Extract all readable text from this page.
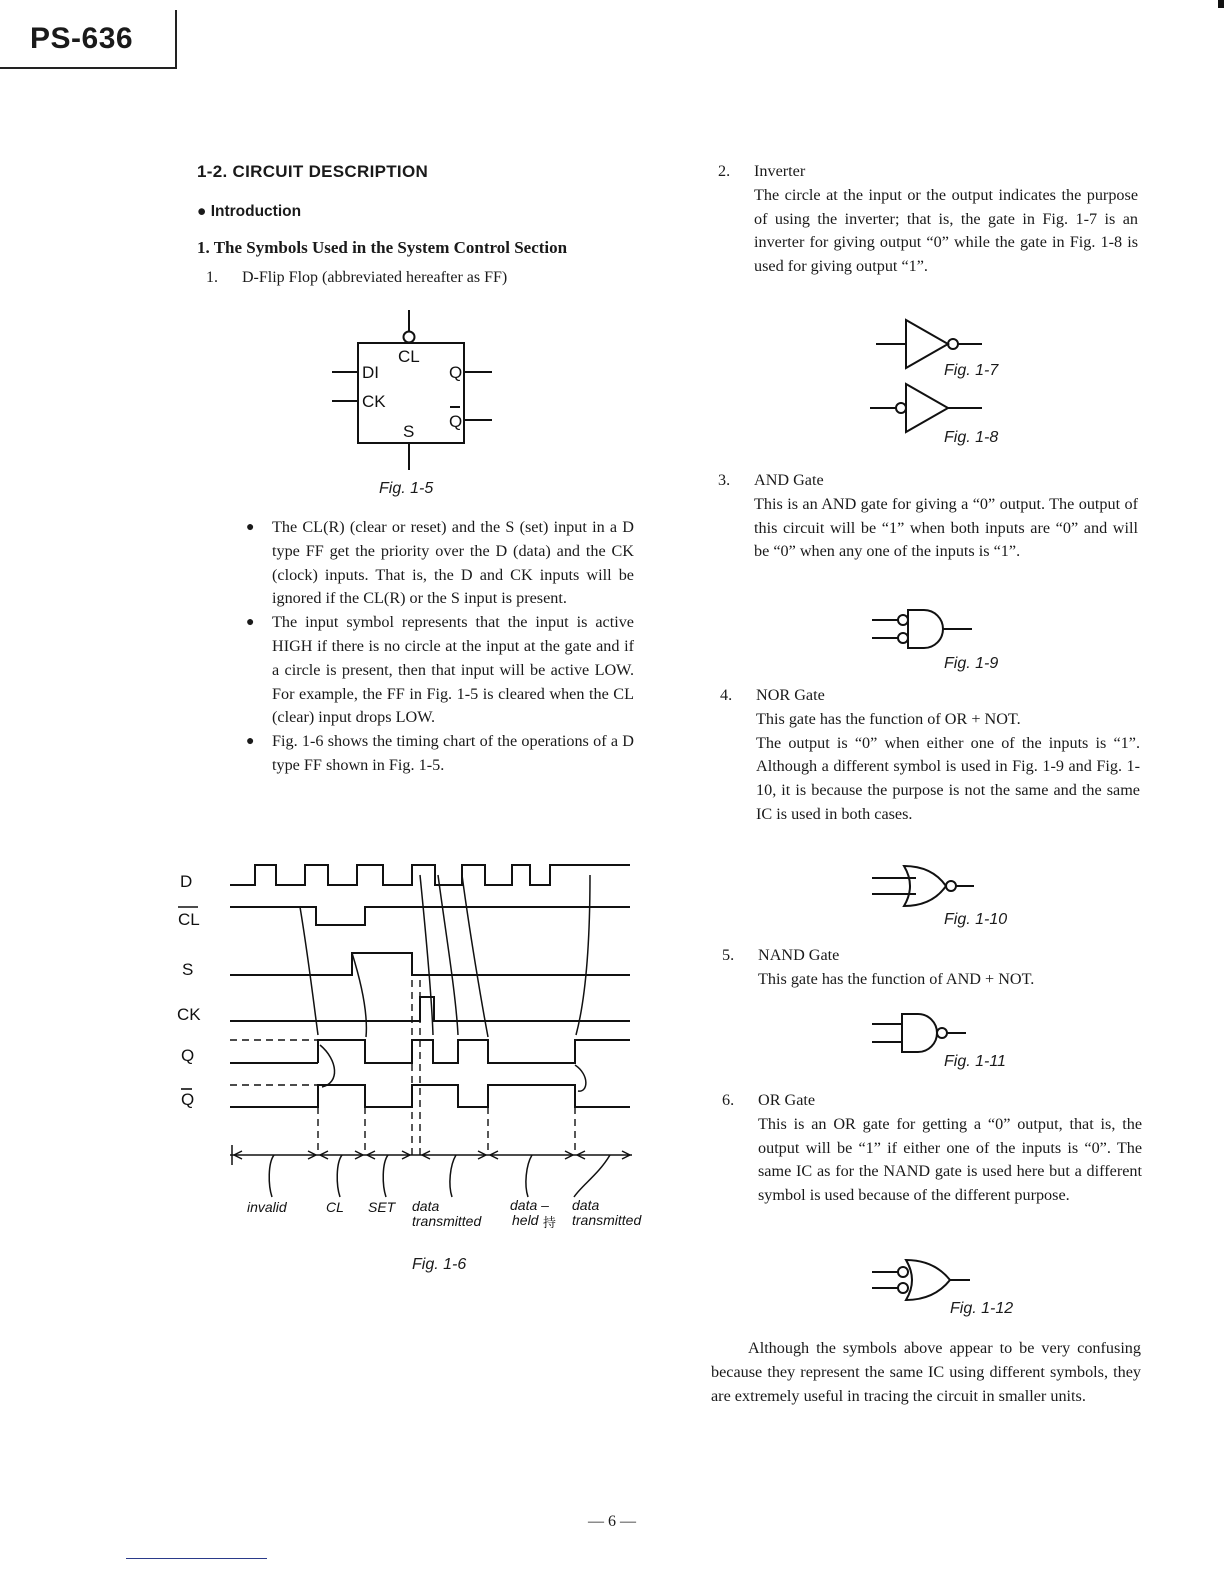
PS-636
1-2. CIRCUIT DESCRIPTION
● Introduction
1. The Symbols Used in the System Control Section
1. D-Flip Flop (abbreviated hereafter as FF)
DI
CK
CL
S
Q
Q
Fig. 1-5
● The CL(R) (clear or reset) and the S (set) input in a D type FF get the priority over the D (data) and the CK (clock) inputs. That is, the D and CK inputs will be ignored if the CL(R) or the S input is present.
● The input symbol represents that the input is active HIGH if there is no circle at the input at the gate and if a circle is present, then that input will be active LOW. For example, the FF in Fig. 1-5 is cleared when the CL (clear) input drops LOW.
● Fig. 1-6 shows the timing chart of the operations of a D type FF shown in Fig. 1-5.
D
CL
S
CK
Q
Q
invalid	CL SET data
transmitted
data –
held 持
data
transmitted
Fig. 1-6
2. Inverter
The circle at the input or the output indicates the purpose of using the inverter; that is, the gate in Fig. 1-7 is an inverter for giving output “0” while the gate in Fig. 1-8 is used for giving output “1”.
Fig. 1-7
Fig. 1-8
3. AND Gate
This is an AND gate for giving a “0” output. The output of this circuit will be “1” when both inputs are “0” and will be “0” when any one of the inputs is “1”.
Fig. 1-9
4. NOR Gate
This gate has the function of OR + NOT.
The output is “0” when either one of the inputs is “1”. Although a different symbol is used in Fig. 1-9 and Fig. 1-10, it is because the purpose is not the same and the same IC is used in both cases.
Fig. 1-10
5. NAND Gate
This gate has the function of AND + NOT.
Fig. 1-11
6. OR Gate
This is an OR gate for getting a “0” output, that is, the output will be “1” if either one of the inputs is “0”. The same IC as for the NAND gate is used here but a different symbol is used because of the different purpose.
Fig. 1-12
Although the symbols above appear to be very confusing because they represent the same IC using different symbols, they are extremely useful in tracing the circuit in smaller units.
— 6 —
